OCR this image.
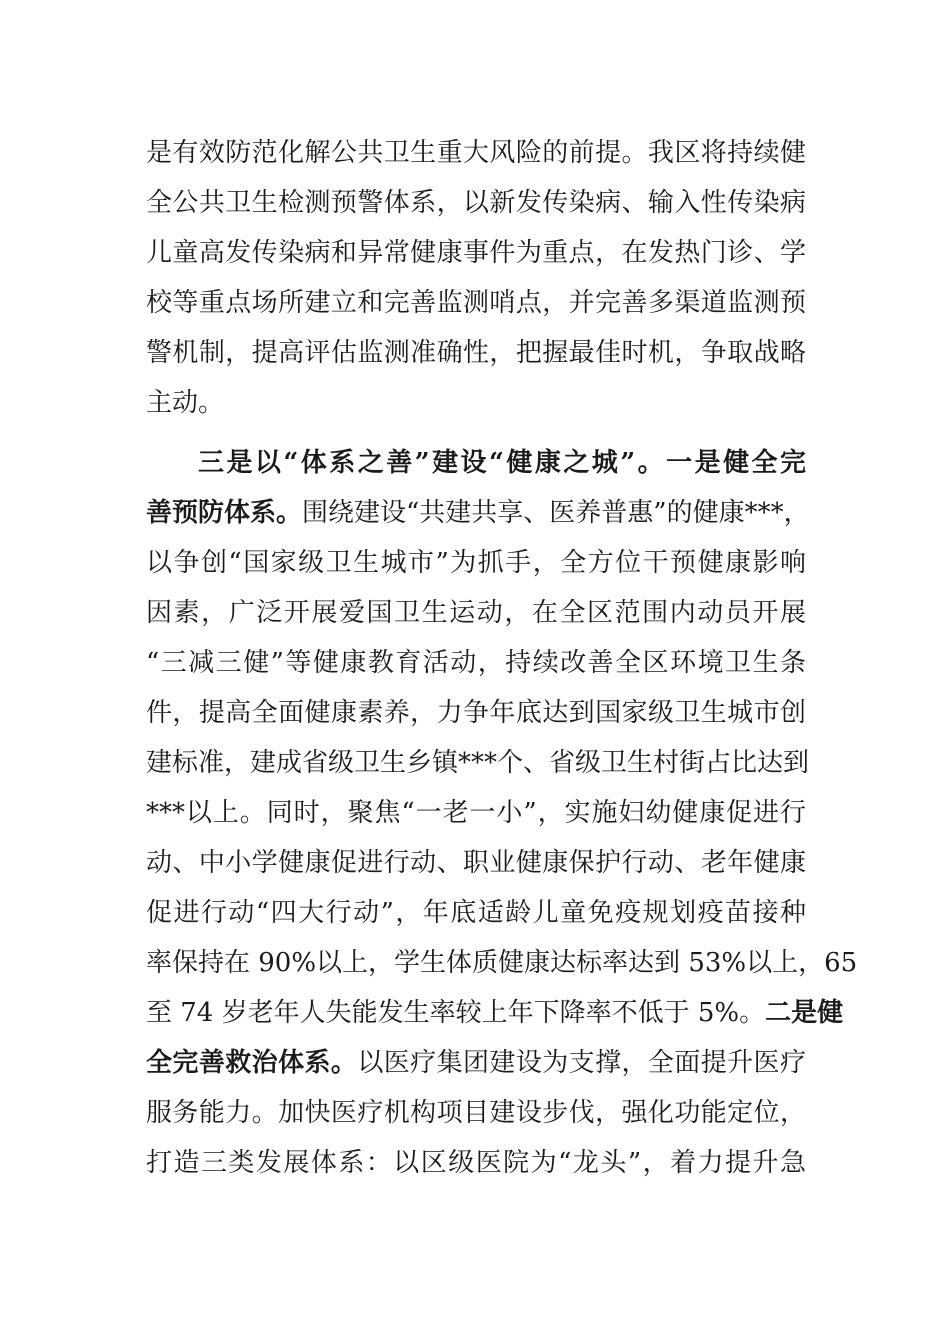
是有效防范化解公共卫生重大风险的前提。我区将持续健
全公共卫生检测预警体系，以新发传染病、输入性传染病
儿童高发传染病和异常健康事件为重点，在发热门诊、学
校等重点场所建立和完善监测哨点，并完善多渠道监测预
警机制，提高评估监测准确性，把握最佳时机，争取战略
主动。
三是以“体系之善”建设“健康之城”。一是健全完
善预防体系。围绕建设“共建共享、医养普惠”的健康***，
以争创“国家级卫生城市”为抓手，全方位干预健康影响
因素，广泛开展爱国卫生运动，在全区范围内动员开展
“三减三健”等健康教育活动，持续改善全区环境卫生条
件，提高全面健康素养，力争年底达到国家级卫生城市创
建标准，建成省级卫生乡镇***个、省级卫生村街占比达到
***以上。同时，聚焦“一老一小”，实施妇幼健康促进行
动、中小学健康促进行动、职业健康保护行动、老年健康
促进行动“四大行动”，年底适龄儿童免疫规划疫苗接种
率保持在 90%以上，学生体质健康达标率达到 53%以上，65
至 74 岁老年人失能发生率较上年下降率不低于 5%。二是健
全完善救治体系。以医疗集团建设为支撑，全面提升医疗
服务能力。加快医疗机构项目建设步伐，强化功能定位，
打造三类发展体系：以区级医院为“龙头”，着力提升急
